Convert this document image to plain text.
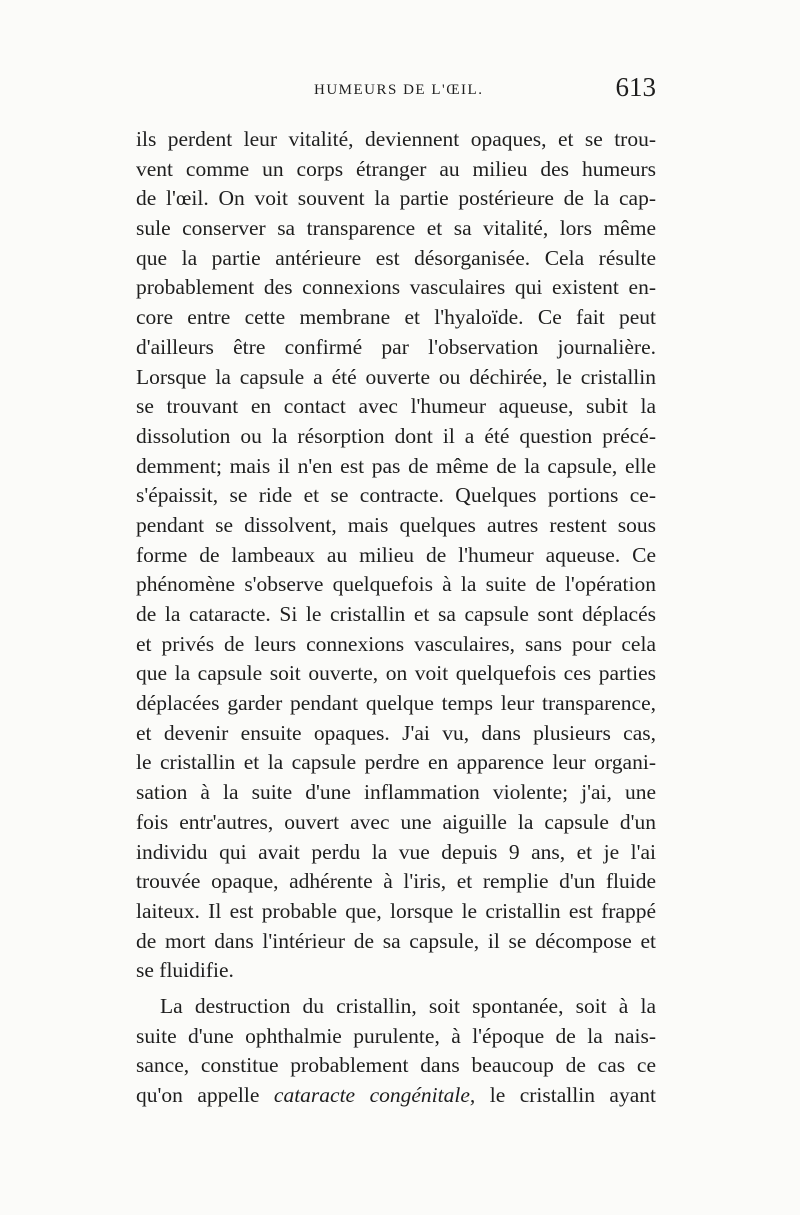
HUMEURS DE L'ŒIL.	613
ils perdent leur vitalité, deviennent opaques, et se trou-
vent comme un corps étranger au milieu des humeurs
de l'œil. On voit souvent la partie postérieure de la cap-
sule conserver sa transparence et sa vitalité, lors même
que la partie antérieure est désorganisée. Cela résulte
probablement des connexions vasculaires qui existent en-
core entre cette membrane et l'hyaloïde. Ce fait peut
d'ailleurs être confirmé par l'observation journalière.
Lorsque la capsule a été ouverte ou déchirée, le cristallin
se trouvant en contact avec l'humeur aqueuse, subit la
dissolution ou la résorption dont il a été question précé-
demment; mais il n'en est pas de même de la capsule, elle
s'épaissit, se ride et se contracte. Quelques portions ce-
pendant se dissolvent, mais quelques autres restent sous
forme de lambeaux au milieu de l'humeur aqueuse. Ce
phénomène s'observe quelquefois à la suite de l'opération
de la cataracte. Si le cristallin et sa capsule sont déplacés
et privés de leurs connexions vasculaires, sans pour cela
que la capsule soit ouverte, on voit quelquefois ces parties
déplacées garder pendant quelque temps leur transparence,
et devenir ensuite opaques. J'ai vu, dans plusieurs cas,
le cristallin et la capsule perdre en apparence leur organi-
sation à la suite d'une inflammation violente; j'ai, une
fois entr'autres, ouvert avec une aiguille la capsule d'un
individu qui avait perdu la vue depuis 9 ans, et je l'ai
trouvée opaque, adhérente à l'iris, et remplie d'un fluide
laiteux. Il est probable que, lorsque le cristallin est frappé
de mort dans l'intérieur de sa capsule, il se décompose et
se fluidifie.
La destruction du cristallin, soit spontanée, soit à la
suite d'une ophthalmie purulente, à l'époque de la nais-
sance, constitue probablement dans beaucoup de cas ce
qu'on appelle cataracte congénitale, le cristallin ayant
